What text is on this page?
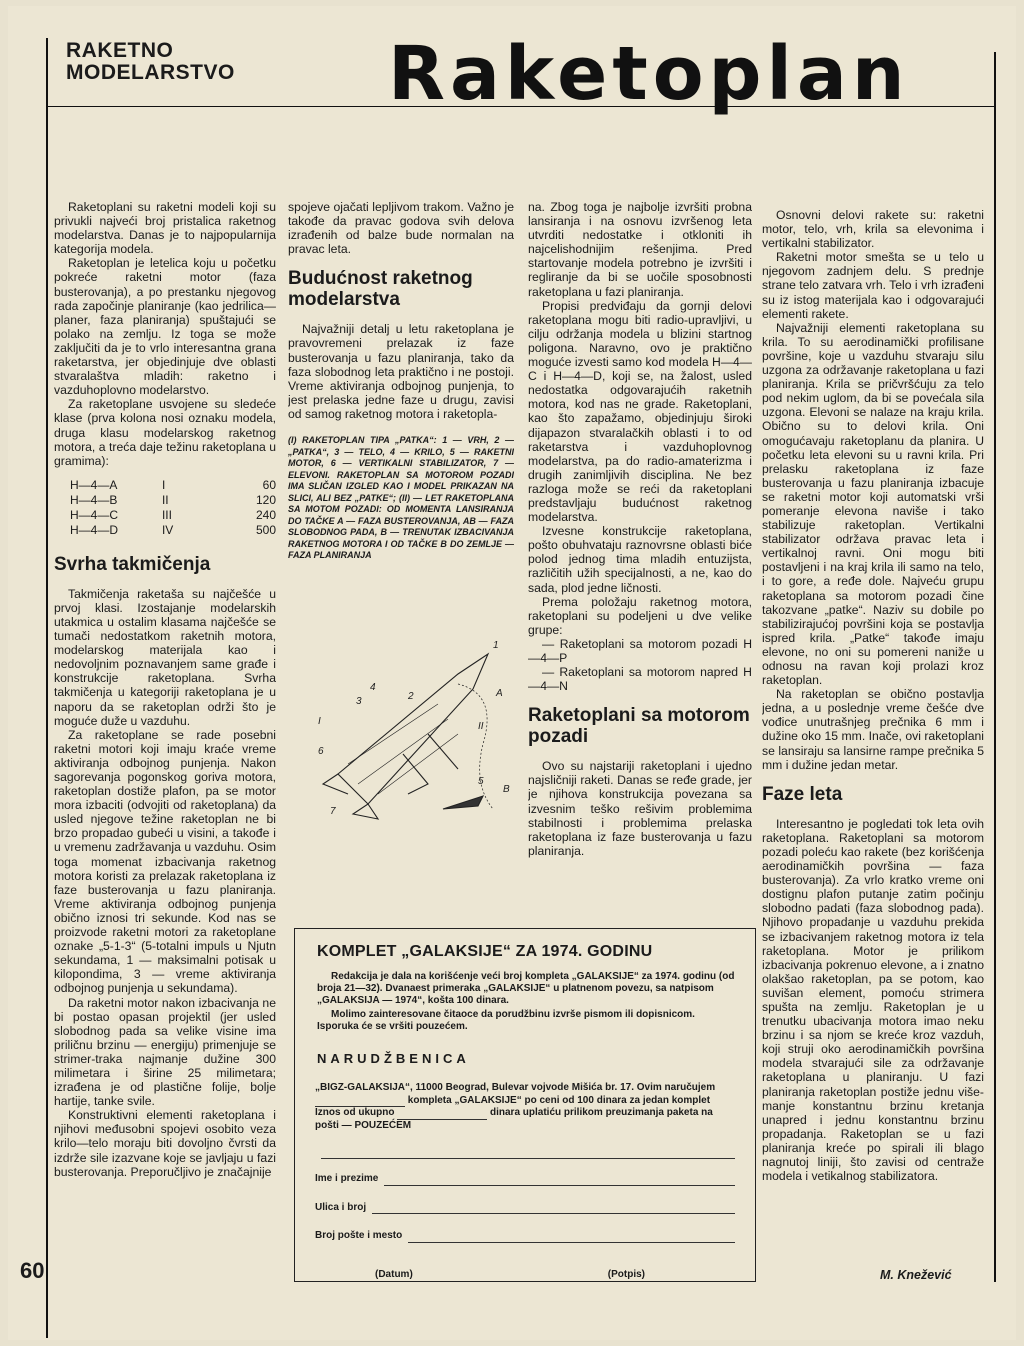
RAKETNO
MODELARSTVO Raketoplan

Raketoplani su raketni modeli koji su privukli najveći broj pristalica raketnog modelarstva. Danas je to najpopularnija kategorija modela.

Raketoplan je letelica koju u početku pokreće raketni motor (faza busterovanja), a po prestanku njegovog rada započinje planiranje (kao jedrilica—planer, faza planiranja) spuštajući se polako na zemlju. Iz toga se može zaključiti da je to vrlo interesantna grana raketarstva, jer objedinjuje dve oblasti stvaralaštva mladih: raketno i vazduhoplovno modelarstvo.

Za raketoplane usvojene su sledeće klase (prva kolona nosi oznaku modela, druga klasu modelarskog raketnog motora, a treća daje težinu raketoplana u gramima):

H—4—A	I	60
H—4—B	II	120
H—4—C	III	240
H—4—D	IV	500
Svrha takmičenja

Takmičenja raketaša su najčešće u prvoj klasi. Izostajanje modelarskih utakmica u ostalim klasama najčešće se tumači nedostatkom raketnih motora, modelarskog materijala kao i nedovoljnim poznavanjem same građe i konstrukcije raketoplana. Svrha takmičenja u kategoriji raketoplana je u naporu da se raketoplan održi što je moguće duže u vazduhu.

Za raketoplane se rade posebni raketni motori koji imaju kraće vreme aktiviranja odbojnog punjenja. Nakon sagorevanja pogonskog goriva motora, raketoplan dostiže plafon, pa se motor mora izbaciti (odvojiti od raketoplana) da usled njegove težine raketoplan ne bi brzo propadao gubeći u visini, a takođe i u vremenu zadržavanja u vazduhu. Osim toga momenat izbacivanja raketnog motora koristi za prelazak raketoplana iz faze busterovanja u fazu planiranja. Vreme aktiviranja odbojnog punjenja obično iznosi tri sekunde. Kod nas se proizvode raketni motori za raketoplane oznake „5-1-3“ (5-totalni impuls u Njutn sekundama, 1 — maksimalni potisak u kilopondima, 3 — vreme aktiviranja odbojnog punjenja u sekundama).

Da raketni motor nakon izbacivanja ne bi postao opasan projektil (jer usled slobodnog pada sa velike visine ima priličnu brzinu — energiju) primenjuje se strimer-traka najmanje dužine 300 milimetara i širine 25 milimetara; izrađena je od plastične folije, bolje hartije, tanke svile.

Konstruktivni elementi raketoplana i njihovi međusobni spojevi osobito veza krilo—telo moraju biti dovoljno čvrsti da izdrže sile izazvane koje se javljaju u fazi busterovanja. Preporučljivo je značajnije

spojeve ojačati lepljivom trakom. Važno je takođe da pravac godova svih delova izrađenih od balze bude normalan na pravac leta.

Budućnost raketnog modelarstva

Najvažniji detalj u letu raketoplana je pravovremeni prelazak iz faze busterovanja u fazu planiranja, tako da faza slobodnog leta praktično i ne postoji. Vreme aktiviranja odbojnog punjenja, to jest prelaska jedne faze u drugu, zavisi od samog raketnog motora i raketopla-

(I) RAKETOPLAN TIPA „PATKA“: 1 — VRH, 2 — „PATKA“, 3 — TELO, 4 — KRILO, 5 — RAKETNI MOTOR, 6 — VERTIKALNI STABILIZATOR, 7 — ELEVONI. RAKETOPLAN SA MOTOROM POZADI IMA SLIČAN IZGLED KAO I MODEL PRIKAZAN NA SLICI, ALI BEZ „PATKE“; (II) — LET RAKETOPLANA SA MOTOM POZADI: OD MOMENTA LANSIRANJA DO TAČKE A — FAZA BUSTEROVANJA, AB — FAZA SLOBODNOG PADA, B — TRENUTAK IZBACIVANJA RAKETNOG MOTORA I OD TAČKE B DO ZEMLJE — FAZA PLANIRANJA
I	II
1
2
3
4
5
6
7
A
B

na. Zbog toga je najbolje izvršiti probna lansiranja i na osnovu izvršenog leta utvrditi nedostatke i otkloniti ih najcelishodnijim rešenjima. Pred startovanje modela potrebno je izvršiti i regliranje da bi se uočile sposobnosti raketoplana u fazi planiranja.

Propisi predviđaju da gornji delovi raketoplana mogu biti radio-upravljivi, u cilju održanja modela u blizini startnog poligona. Naravno, ovo je praktično moguće izvesti samo kod modela H—4—C i H—4—D, koji se, na žalost, usled nedostatka odgovarajućih raketnih motora, kod nas ne grade. Raketoplani, kao što zapažamo, objedinjuju široki dijapazon stvaralačkih oblasti i to od raketarstva i vazduhoplovnog modelarstva, pa do radio-amaterizma i drugih zanimljivih disciplina. Ne bez razloga može se reći da raketoplani predstavljaju budućnost raketnog modelarstva.

Izvesne konstrukcije raketoplana, pošto obuhvataju raznovrsne oblasti biće polod jednog tima mladih entuzijsta, različitih užih specijalnosti, a ne, kao do sada, plod jedne ličnosti.

Prema položaju raketnog motora, raketoplani su podeljeni u dve velike grupe:

— Raketoplani sa motorom pozadi H—4—P

— Raketoplani sa motorom napred H—4—N

Raketoplani sa motorom pozadi

Ovo su najstariji raketoplani i ujedno najsličniji raketi. Danas se ređe grade, jer je njihova konstrukcija povezana sa izvesnim teško rešivim problemima stabilnosti i problemima prelaska raketoplana iz faze busterovanja u fazu planiranja.

Osnovni delovi rakete su: raketni motor, telo, vrh, krila sa elevonima i vertikalni stabilizator.

Raketni motor smešta se u telo u njegovom zadnjem delu. S prednje strane telo zatvara vrh. Telo i vrh izrađeni su iz istog materijala kao i odgovarajući elementi rakete.

Najvažniji elementi raketoplana su krila. To su aerodinamički profilisane površine, koje u vazduhu stvaraju silu uzgona za održavanje raketoplana u fazi planiranja. Krila se pričvršćuju za telo pod nekim uglom, da bi se povećala sila uzgona. Elevoni se nalaze na kraju krila. Obično su to delovi krila. Oni omogućavaju raketoplanu da planira. U početku leta elevoni su u ravni krila. Pri prelasku raketoplana iz faze busterovanja u fazu planiranja izbacuje se raketni motor koji automatski vrši pomeranje elevona naviše i tako stabilizuje raketoplan. Vertikalni stabilizator održava pravac leta i vertikalnoj ravni. Oni mogu biti postavljeni i na kraj krila ili samo na telo, i to gore, a ređe dole. Najveću grupu raketoplana sa motorom pozadi čine takozvane „patke“. Naziv su dobile po stabilizirajućoj površini koja se postavlja ispred krila. „Patke“ takođe imaju elevone, no oni su pomereni naniže u odnosu na ravan koji prolazi kroz raketoplan.

Na raketoplan se obično postavlja jedna, a u poslednje vreme češće dve vođice unutrašnjeg prečnika 6 mm i dužine oko 15 mm. Inače, ovi raketoplani se lansiraju sa lansirne rampe prečnika 5 mm i dužine jedan metar.

Faze leta

Interesantno je pogledati tok leta ovih raketoplana. Raketoplani sa motorom pozadi poleću kao rakete (bez korišćenja aerodinamičkih površina — faza busterovanja). Za vrlo kratko vreme oni dostignu plafon putanje zatim počinju slobodno padati (faza slobodnog pada). Njihovo propadanje u vazduhu prekida se izbacivanjem raketnog motora iz tela raketoplana. Motor je prilikom izbacivanja pokrenuo elevone, a i znatno olakšao raketoplan, pa se potom, kao suvišan element, pomoću strimera spušta na zemlju. Raketoplan je u trenutku ubacivanja motora imao neku brzinu i sa njom se kreće kroz vazduh, koji struji oko aerodinamičkih površina modela stvarajući sile za održavanje raketoplana u planiranju. U fazi planiranja raketoplan postiže jednu više-manje konstantnu brzinu kretanja unapred i jednu konstantnu brzinu propadanja. Raketoplan se u fazi planiranja kreće po spirali ili blago nagnutoj liniji, što zavisi od centraže modela i vetikalnog stabilizatora.

KOMPLET „GALAKSIJE“ ZA 1974. GODINU

Redakcija je dala na korišćenje veći broj kompleta „GALAKSIJE“ za 1974. godinu (od broja 21—32). Dvanaest primeraka „GALAKSIJE“ u platnenom povezu, sa natpisom „GALAKSIJA — 1974“, košta 100 dinara.

Molimo zainteresovane čitaoce da porudžbinu izvrše pismom ili dopisnicom. Isporuka će se vršiti pouzećem.

NARUDŽBENICA
„BIGZ-GALAKSIJA“, 11000 Beograd, Bulevar vojvode Mišića br. 17. Ovim naručujem  kompleta „GALAKSIJE“ po ceni od 100 dinara za jedan komplet
Iznos od ukupno	dinara uplatiću prilikom preuzimanja paketa na pošti — POUZEĆEM
Ime i prezime
Ulica i broj
Broj pošte i mesto
(Datum)	(Potpis)
60	M. Knežević
